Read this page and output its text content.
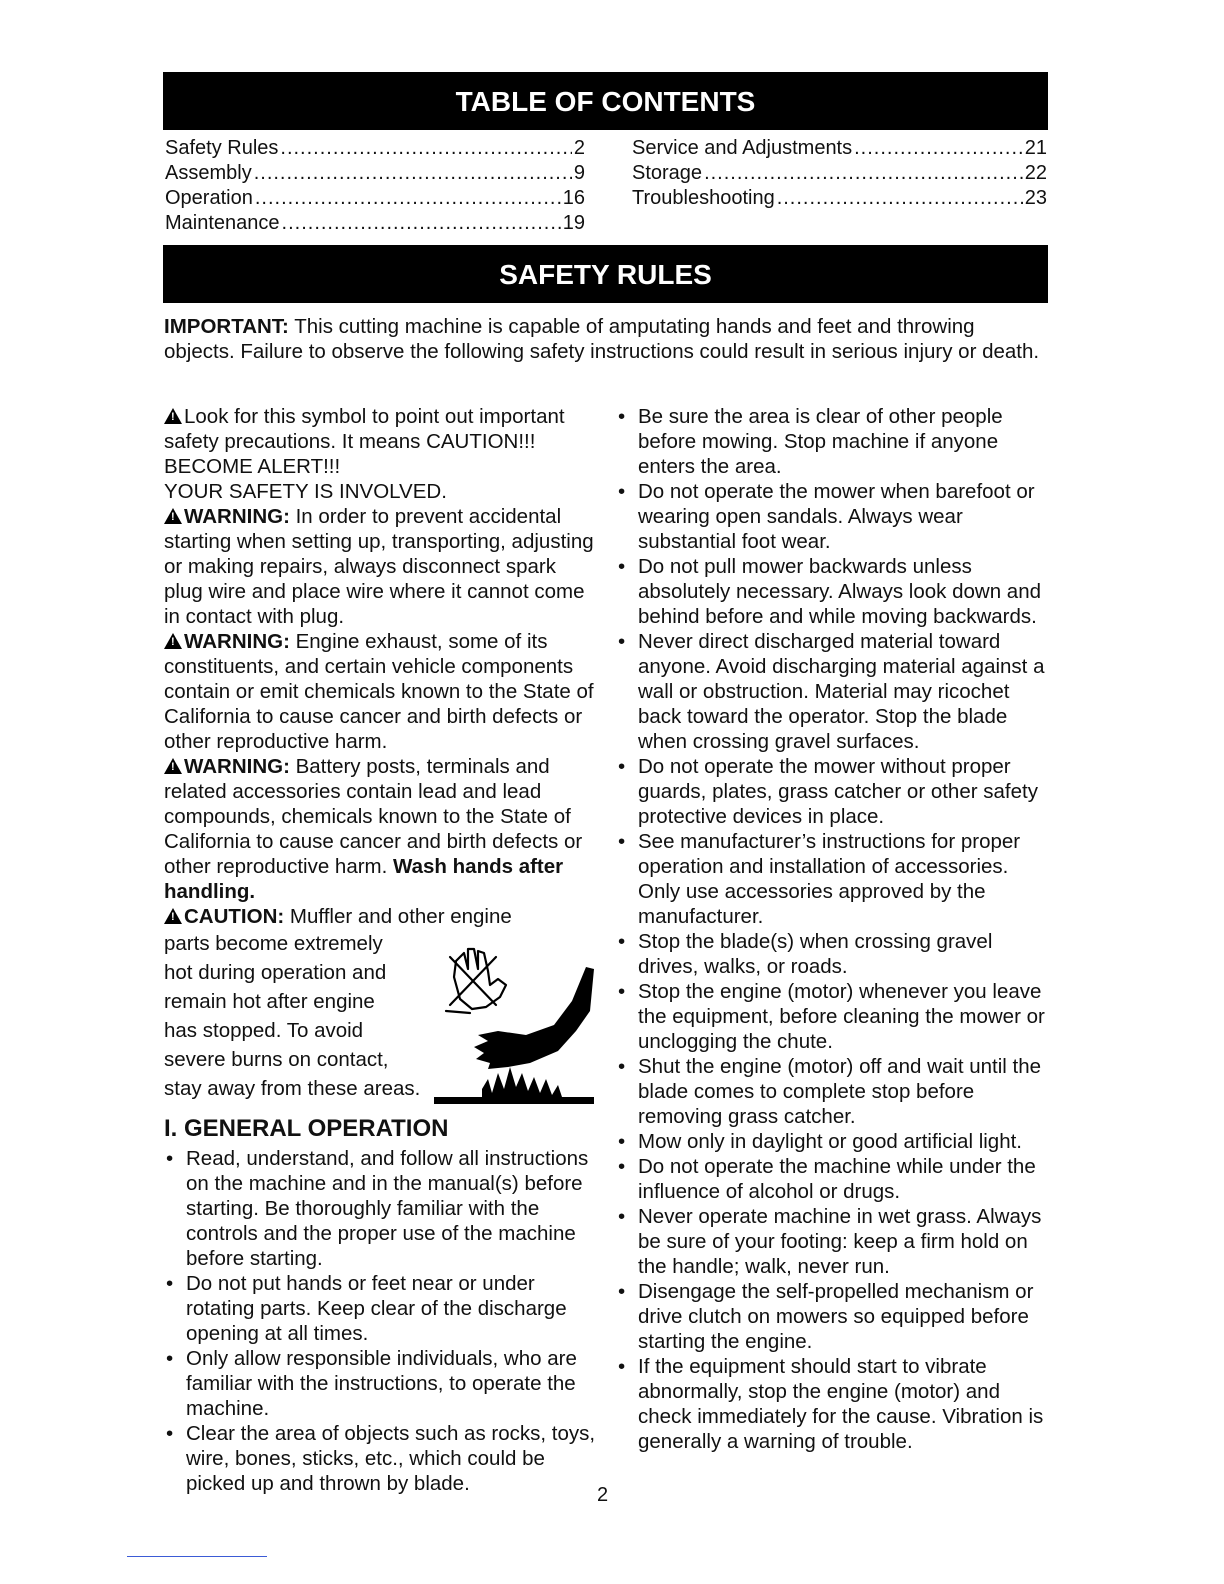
TABLE OF CONTENTS
Safety Rules .....	2
Assembly .....	9
Operation .....	16
Maintenance .....	19
Service and Adjustments .....	21
Storage .....	22
Troubleshooting .....	23
SAFETY RULES

IMPORTANT: This cutting machine is capable of amputating hands and feet and throwing objects. Failure to observe the following safety instructions could result in serious injury or death.

!Look for this symbol to point out important safety precautions. It means CAUTION!!! BECOME ALERT!!!

YOUR SAFETY IS INVOLVED.

!WARNING: In order to prevent accidental starting when setting up, transporting, adjusting or making repairs, always disconnect spark plug wire and place wire where it cannot come in contact with plug.

!WARNING: Engine exhaust, some of its constituents, and certain vehicle components contain or emit chemicals known to the State of California to cause cancer and birth defects or other reproductive harm.

!WARNING: Battery posts, terminals and related accessories contain lead and lead compounds, chemicals known to the State of California to cause cancer and birth defects or other reproductive harm. Wash hands after handling.

!CAUTION: Muffler and other engine

parts become extremely
hot during operation and
remain hot after engine
has stopped. To avoid
severe burns on contact,
stay away from these areas.
I. GENERAL OPERATION
• Read, understand, and follow all instructions on the machine and in the manual(s) before starting. Be thoroughly familiar with the controls and the proper use of the machine before starting.
• Do not put hands or feet near or under rotating parts. Keep clear of the discharge opening at all times.
• Only allow responsible individuals, who are familiar with the instructions, to operate the machine.
• Clear the area of objects such as rocks, toys, wire, bones, sticks, etc., which could be picked up and thrown by blade.
• Be sure the area is clear of other people before mowing. Stop machine if anyone enters the area.
• Do not operate the mower when barefoot or wearing open sandals. Always wear substantial foot wear.
• Do not pull mower backwards unless absolutely necessary. Always look down and behind before and while moving backwards.
• Never direct discharged material toward anyone. Avoid discharging material against a wall or obstruction. Material may ricochet back toward the operator. Stop the blade when crossing gravel surfaces.
• Do not operate the mower without proper guards, plates, grass catcher or other safety protective devices in place.
• See manufacturer’s instructions for proper operation and installation of accessories. Only use accessories approved by the manufacturer.
• Stop the blade(s) when crossing gravel drives, walks, or roads.
• Stop the engine (motor) whenever you leave the equipment, before cleaning the mower or unclogging the chute.
• Shut the engine (motor) off and wait until the blade comes to complete stop before removing grass catcher.
• Mow only in daylight or good artificial light.
• Do not operate the machine while under the influence of alcohol or drugs.
• Never operate machine in wet grass. Always be sure of your footing: keep a firm hold on the handle; walk, never run.
• Disengage the self-propelled mechanism or drive clutch on mowers so equipped before starting the engine.
• If the equipment should start to vibrate abnormally, stop the engine (motor) and check immediately for the cause. Vibration is generally a warning of trouble.
2
